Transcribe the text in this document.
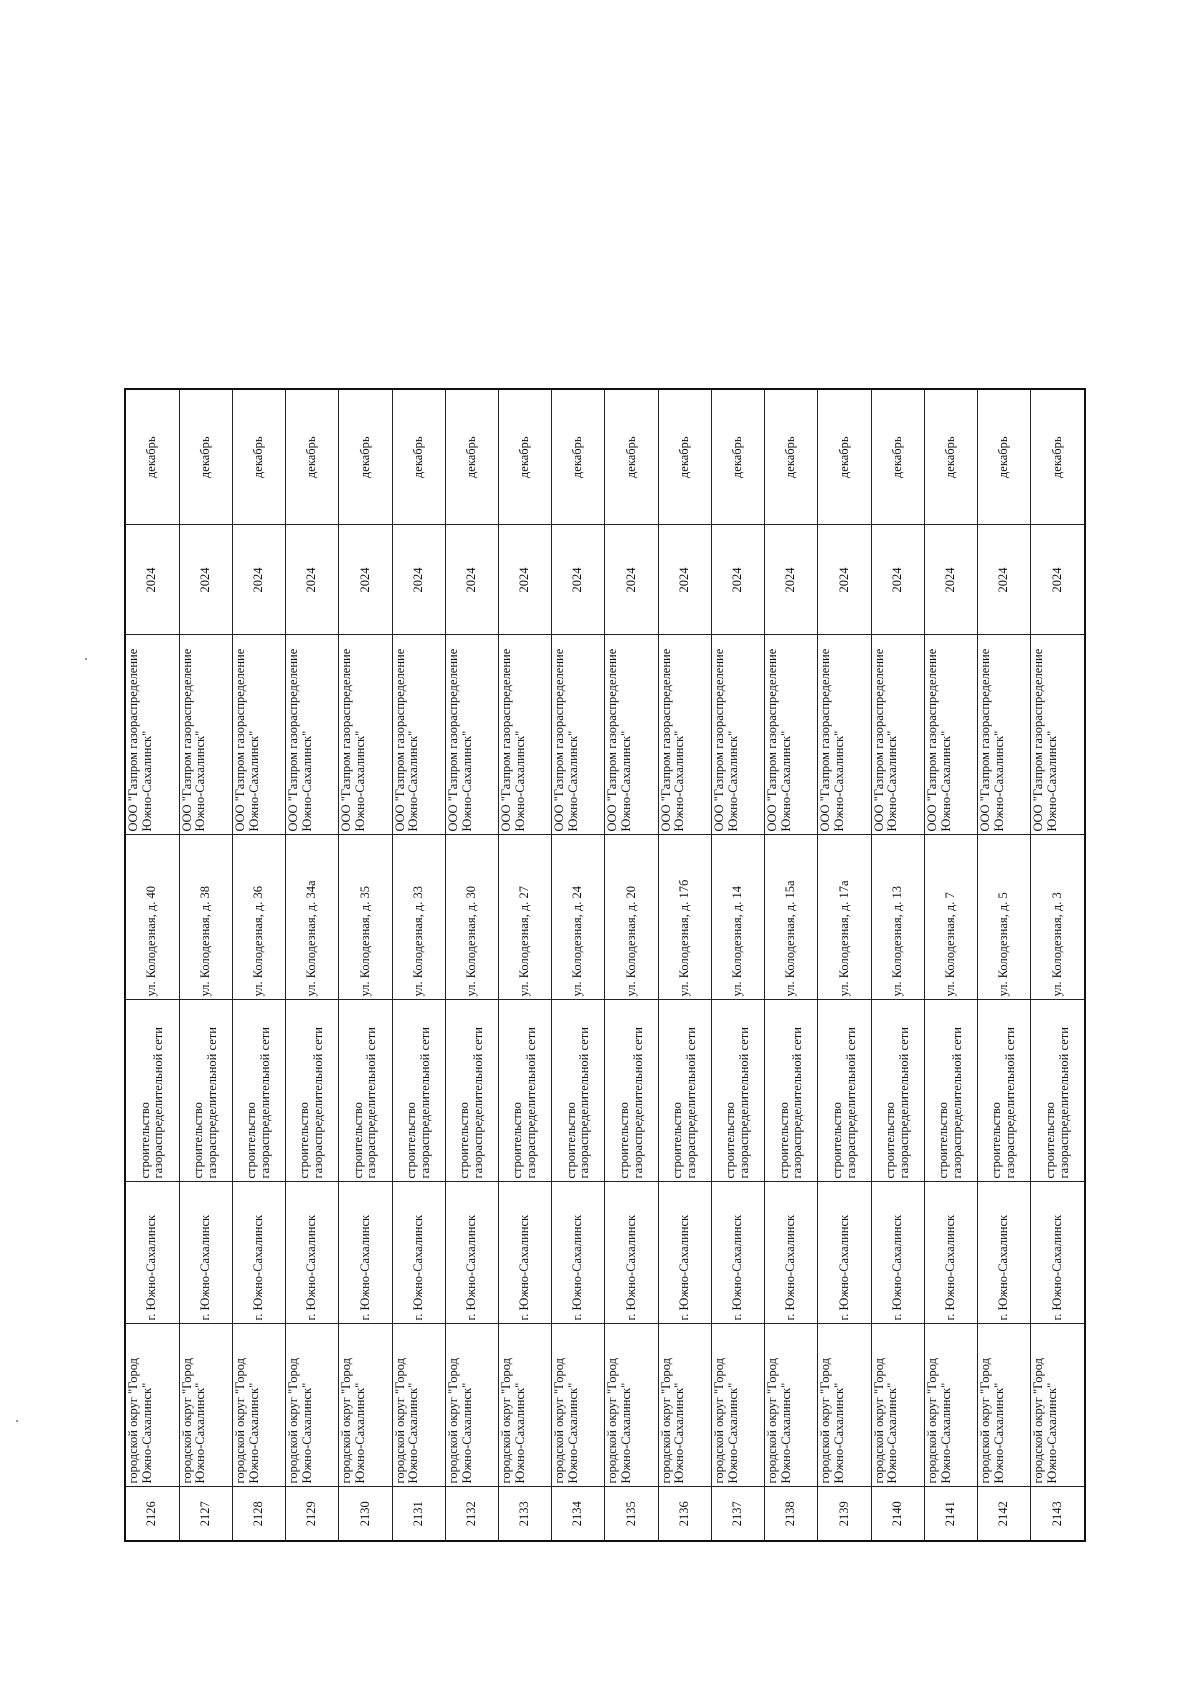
2126	городской округ "Город Южно-Сахалинск"	г. Южно-Сахалинск	строительство газораспределительной сети	ул. Колодезная, д. 40	ООО "Газпром газораспределение Южно-Сахалинск"	2024	декабрь
2127	городской округ "Город Южно-Сахалинск"	г. Южно-Сахалинск	строительство газораспределительной сети	ул. Колодезная, д. 38	ООО "Газпром газораспределение Южно-Сахалинск"	2024	декабрь
2128	городской округ "Город Южно-Сахалинск"	г. Южно-Сахалинск	строительство газораспределительной сети	ул. Колодезная, д. 36	ООО "Газпром газораспределение Южно-Сахалинск"	2024	декабрь
2129	городской округ "Город Южно-Сахалинск"	г. Южно-Сахалинск	строительство газораспределительной сети	ул. Колодезная, д. 34а	ООО "Газпром газораспределение Южно-Сахалинск"	2024	декабрь
2130	городской округ "Город Южно-Сахалинск"	г. Южно-Сахалинск	строительство газораспределительной сети	ул. Колодезная, д. 35	ООО "Газпром газораспределение Южно-Сахалинск"	2024	декабрь
2131	городской округ "Город Южно-Сахалинск"	г. Южно-Сахалинск	строительство газораспределительной сети	ул. Колодезная, д. 33	ООО "Газпром газораспределение Южно-Сахалинск"	2024	декабрь
2132	городской округ "Город Южно-Сахалинск"	г. Южно-Сахалинск	строительство газораспределительной сети	ул. Колодезная, д. 30	ООО "Газпром газораспределение Южно-Сахалинск"	2024	декабрь
2133	городской округ "Город Южно-Сахалинск"	г. Южно-Сахалинск	строительство газораспределительной сети	ул. Колодезная, д. 27	ООО "Газпром газораспределение Южно-Сахалинск"	2024	декабрь
2134	городской округ "Город Южно-Сахалинск"	г. Южно-Сахалинск	строительство газораспределительной сети	ул. Колодезная, д. 24	ООО "Газпром газораспределение Южно-Сахалинск"	2024	декабрь
2135	городской округ "Город Южно-Сахалинск"	г. Южно-Сахалинск	строительство газораспределительной сети	ул. Колодезная, д. 20	ООО "Газпром газораспределение Южно-Сахалинск"	2024	декабрь
2136	городской округ "Город Южно-Сахалинск"	г. Южно-Сахалинск	строительство газораспределительной сети	ул. Колодезная, д. 17б	ООО "Газпром газораспределение Южно-Сахалинск"	2024	декабрь
2137	городской округ "Город Южно-Сахалинск"	г. Южно-Сахалинск	строительство газораспределительной сети	ул. Колодезная, д. 14	ООО "Газпром газораспределение Южно-Сахалинск"	2024	декабрь
2138	городской округ "Город Южно-Сахалинск"	г. Южно-Сахалинск	строительство газораспределительной сети	ул. Колодезная, д. 15а	ООО "Газпром газораспределение Южно-Сахалинск"	2024	декабрь
2139	городской округ "Город Южно-Сахалинск"	г. Южно-Сахалинск	строительство газораспределительной сети	ул. Колодезная, д. 17а	ООО "Газпром газораспределение Южно-Сахалинск"	2024	декабрь
2140	городской округ "Город Южно-Сахалинск"	г. Южно-Сахалинск	строительство газораспределительной сети	ул. Колодезная, д. 13	ООО "Газпром газораспределение Южно-Сахалинск"	2024	декабрь
2141	городской округ "Город Южно-Сахалинск"	г. Южно-Сахалинск	строительство газораспределительной сети	ул. Колодезная, д. 7	ООО "Газпром газораспределение Южно-Сахалинск"	2024	декабрь
2142	городской округ "Город Южно-Сахалинск"	г. Южно-Сахалинск	строительство газораспределительной сети	ул. Колодезная, д. 5	ООО "Газпром газораспределение Южно-Сахалинск"	2024	декабрь
2143	городской округ "Город Южно-Сахалинск"	г. Южно-Сахалинск	строительство газораспределительной сети	ул. Колодезная, д. 3	ООО "Газпром газораспределение Южно-Сахалинск"	2024	декабрь
